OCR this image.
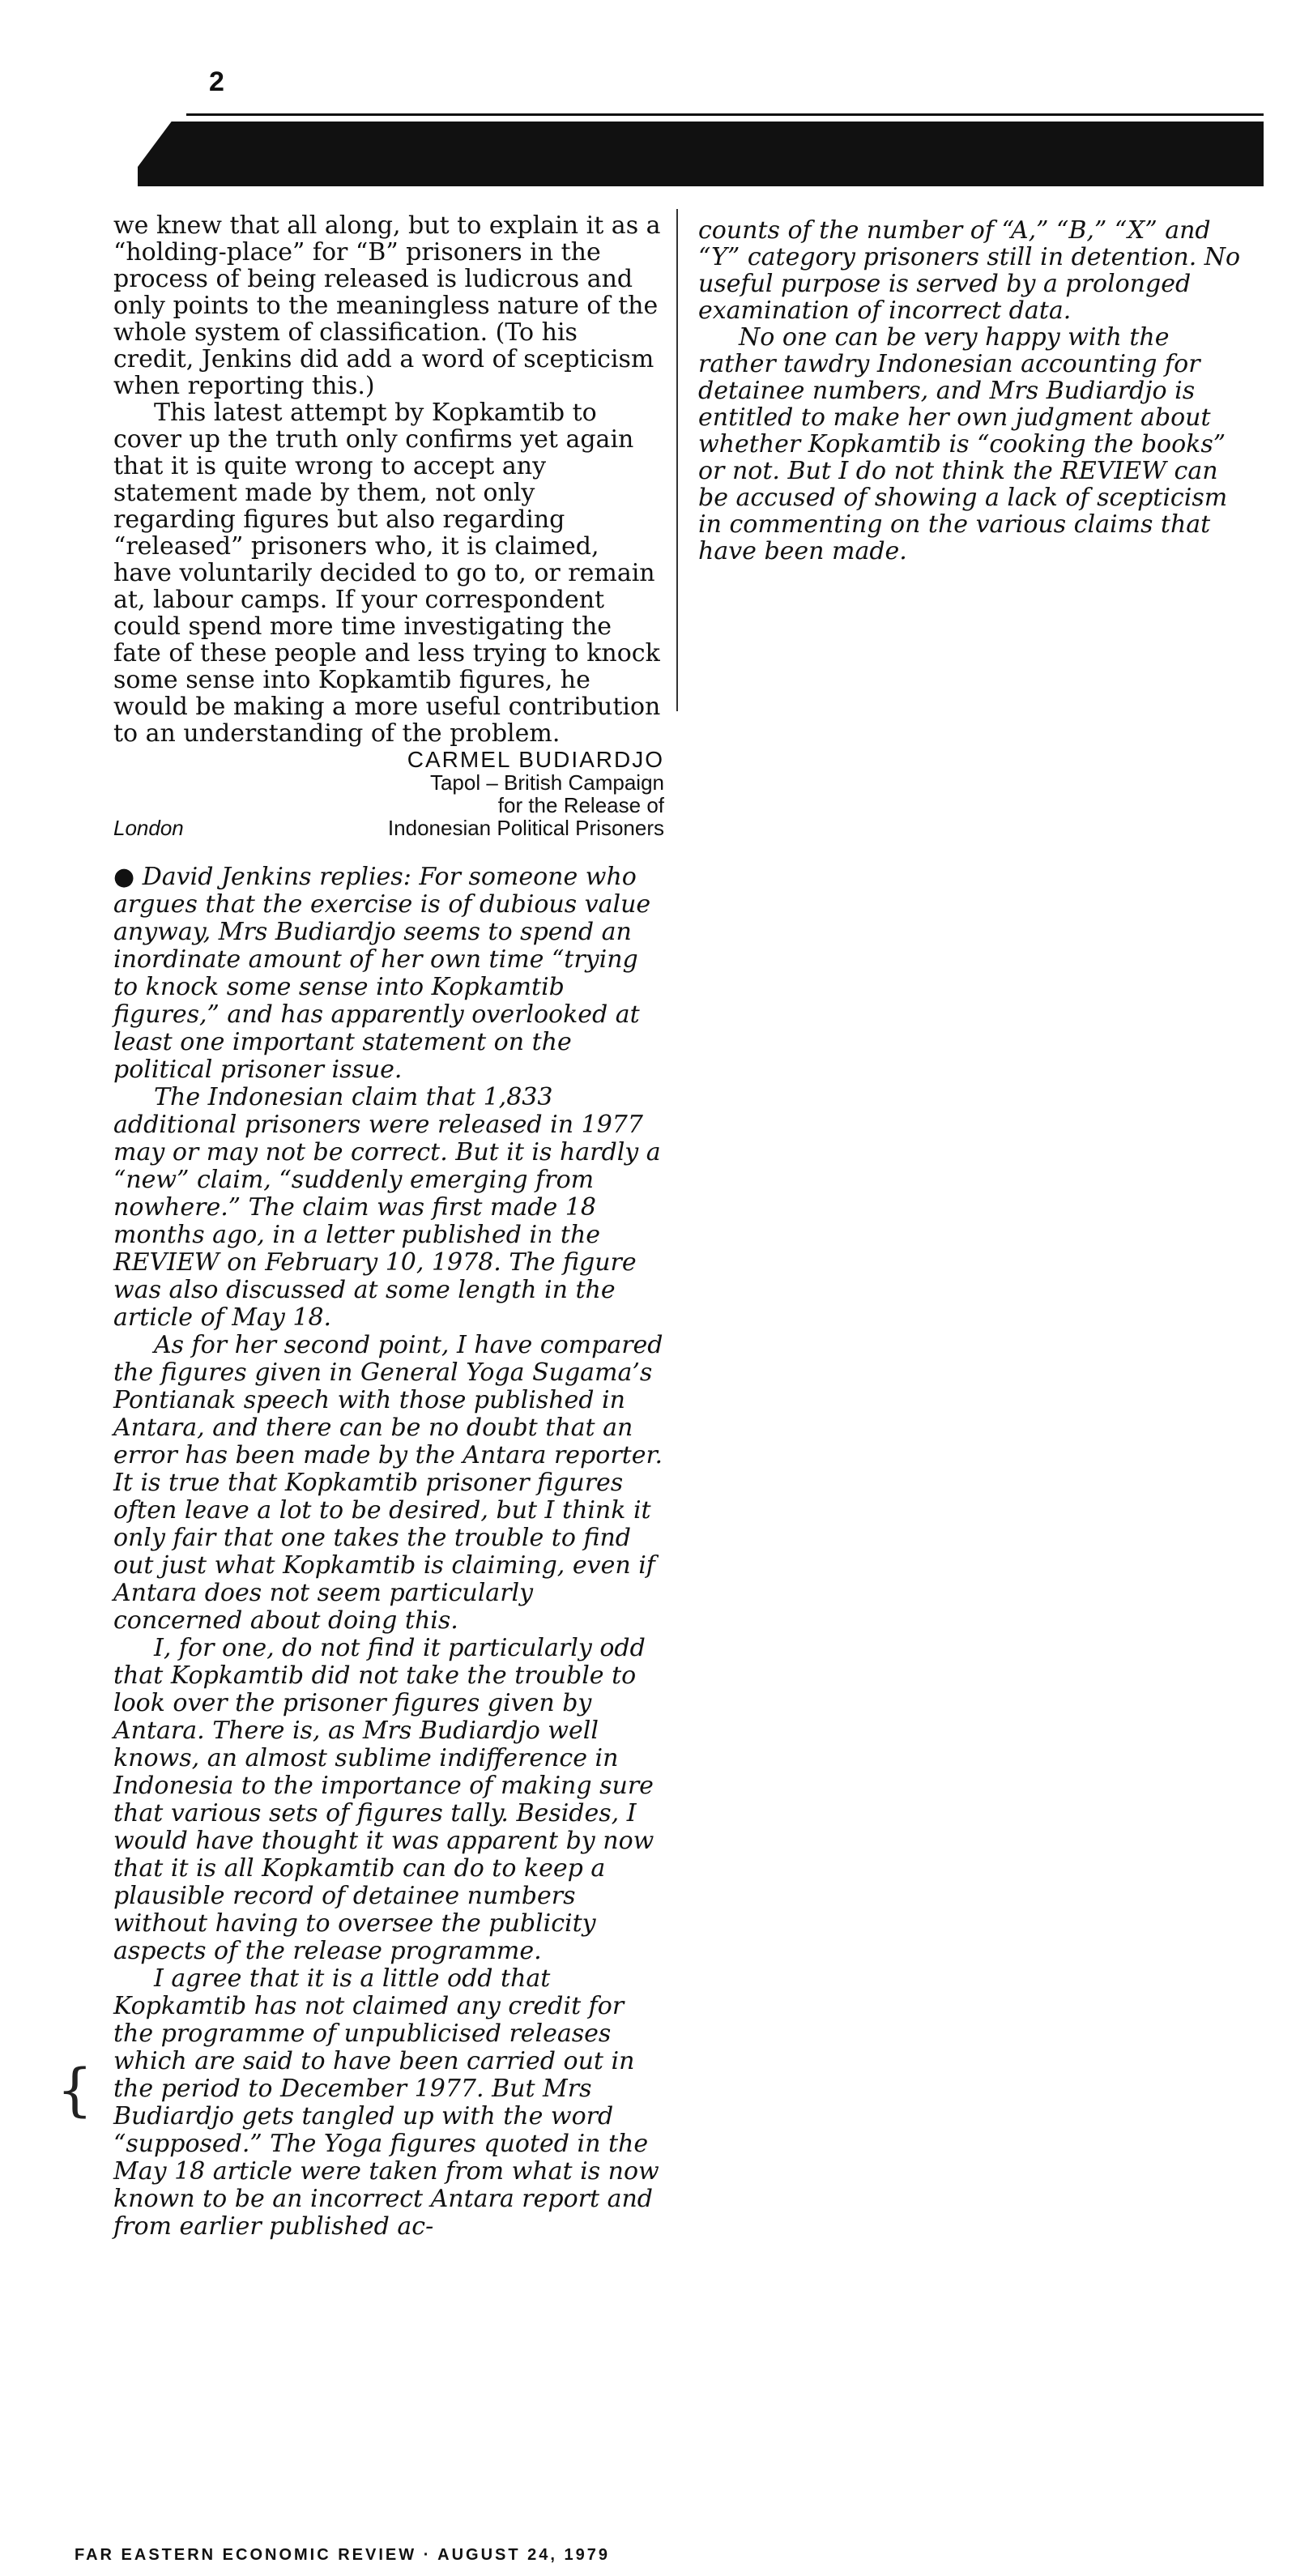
2

we knew that all along, but to explain it as a “holding-place” for “B” prisoners in the process of being released is ludicrous and only points to the meaningless nature of the whole system of classification. (To his credit, Jenkins did add a word of scepticism when reporting this.)

This latest attempt by Kopkamtib to cover up the truth only confirms yet again that it is quite wrong to accept any statement made by them, not only regarding figures but also regarding “released” prisoners who, it is claimed, have voluntarily decided to go to, or remain at, labour camps. If your correspondent could spend more time investigating the fate of these people and less trying to knock some sense into Kopkamtib figures, he would be making a more useful contribution to an understanding of the problem.

CARMEL BUDIARDJO
Tapol – British Campaign
for the Release of
London	Indonesian Political Prisoners

● David Jenkins replies: For someone who argues that the exercise is of dubious value anyway, Mrs Budiardjo seems to spend an inordinate amount of her own time “trying to knock some sense into Kopkamtib figures,” and has apparently overlooked at least one important statement on the political prisoner issue.

The Indonesian claim that 1,833 additional prisoners were released in 1977 may or may not be correct. But it is hardly a “new” claim, “suddenly emerging from nowhere.” The claim was first made 18 months ago, in a letter published in the REVIEW on February 10, 1978. The figure was also discussed at some length in the article of May 18.

As for her second point, I have compared the figures given in General Yoga Sugama’s Pontianak speech with those published in Antara, and there can be no doubt that an error has been made by the Antara reporter. It is true that Kopkamtib prisoner figures often leave a lot to be desired, but I think it only fair that one takes the trouble to find out just what Kopkamtib is claiming, even if Antara does not seem particularly concerned about doing this.

I, for one, do not find it particularly odd that Kopkamtib did not take the trouble to look over the prisoner figures given by Antara. There is, as Mrs Budiardjo well knows, an almost sublime indifference in Indonesia to the importance of making sure that various sets of figures tally. Besides, I would have thought it was apparent by now that it is all Kopkamtib can do to keep a plausible record of detainee numbers without having to oversee the publicity aspects of the release programme.

I agree that it is a little odd that Kopkamtib has not claimed any credit for the programme of unpublicised releases which are said to have been carried out in the period to December 1977. But Mrs Budiardjo gets tangled up with the word “supposed.” The Yoga figures quoted in the May 18 article were taken from what is now known to be an incorrect Antara report and from earlier published ac-

counts of the number of “A,” “B,” “X” and “Y” category prisoners still in detention. No useful purpose is served by a prolonged examination of incorrect data.

No one can be very happy with the rather tawdry Indonesian accounting for detainee numbers, and Mrs Budiardjo is entitled to make her own judgment about whether Kopkamtib is “cooking the books” or not. But I do not think the REVIEW can be accused of showing a lack of scepticism in commenting on the various claims that have been made.

{
FAR EASTERN ECONOMIC REVIEW · AUGUST 24, 1979
